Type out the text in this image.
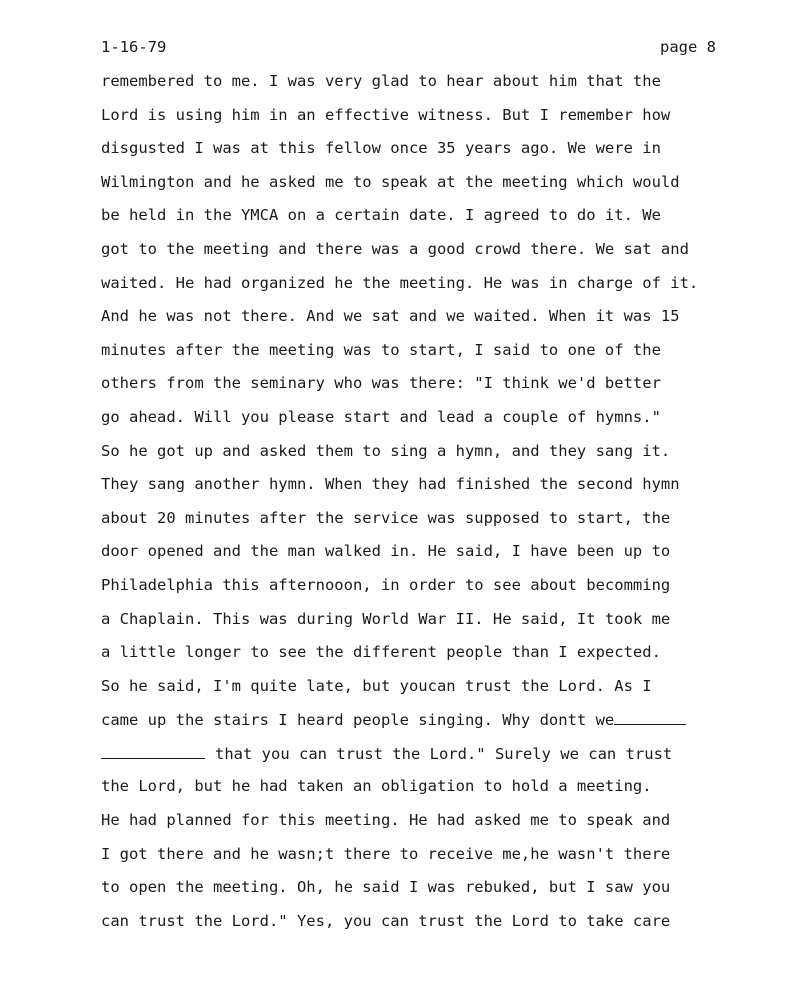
1-16-79	page 8
remembered to me. I was very glad to hear about him that the
Lord is using him in an effective witness. But I remember how
disgusted I was at this fellow once 35 years ago. We were in
Wilmington and he asked me to speak at the meeting which would
be held in the YMCA on a certain date. I agreed to do it. We
got to the meeting and there was a good crowd there. We sat and
waited. He had organized he the meeting. He was in charge of it.
And he was not there. And we sat and we waited. When it was 15
minutes after the meeting was to start, I said to one of the
others from the seminary who was there: "I think we'd better
go ahead. Will you please start and lead a couple of hymns."
So he got up and asked them to sing a hymn, and they sang it.
They sang another hymn. When they had finished the second hymn
about 20 minutes after the service was supposed to start, the
door opened and the man walked in. He said, I have been up to
Philadelphia this afternooon, in order to see about becomming
a Chaplain. This was during World War II. He said, It took me
a little longer to see the different people than I expected.
So he said, I'm quite late, but youcan trust the Lord. As I
came up the stairs I heard people singing. Why dontt we
that you can trust the Lord." Surely we can trust
the Lord, but he had taken an obligation to hold a meeting.
He had planned for this meeting. He had asked me to speak and
I got there and he wasn;t there to receive me,he wasn't there
to open the meeting. Oh, he said I was rebuked, but I saw you
can trust the Lord." Yes, you can trust the Lord to take care
